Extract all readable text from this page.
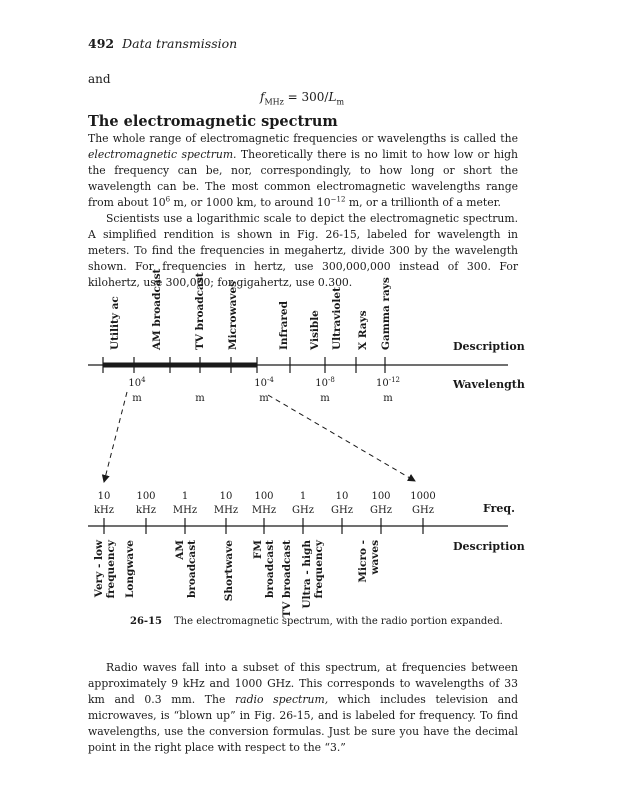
492 Data transmission
and
$f_{MHz} = 300/L_m$
The electromagnetic spectrum

The whole range of electromagnetic frequencies or wavelengths is called the electromagnetic spectrum. Theoretically there is no limit to how low or high the frequency can be, nor, correspondingly, to how long or short the wavelength can be. The most common electromagnetic wavelengths range from about $10^6$ m, or 1000 km, to around $10^{-12}$ m, or a trillionth of a meter.

Scientists use a logarithmic scale to depict the electromagnetic spectrum. A simplified rendition is shown in Fig. 26-15, labeled for wavelength in meters. To find the frequencies in megahertz, divide 300 by the wavelength shown. For frequencies in hertz, use 300,000,000 instead of 300. For kilohertz, use 300,000; for gigahertz, use 0.300.

Utility ac	AM broadcast	TV broadcast Microwaves	Infrared Visible Ultraviolet X Rays Gamma rays	Description
$10^4$
m	m
$10^{-4}$
m
$10^{-8}$
m
$10^{-12}$
m
Wavelength
10
kHz
100
kHz
1
MHz
10
MHz
100
MHz
1
GHz
10
GHz
100
GHz
1000
GHz	Freq.
Description
Very - low frequency Longwave	AM broadcast Shortwave FM broadcast TV broadcast Ultra - high frequency	Micro - waves
26-15 The electromagnetic spectrum, with the radio portion expanded.

Radio waves fall into a subset of this spectrum, at frequencies between approximately 9 kHz and 1000 GHz. This corresponds to wavelengths of 33 km and 0.3 mm. The radio spectrum, which includes television and microwaves, is “blown up” in Fig. 26-15, and is labeled for frequency. To find wavelengths, use the conversion formulas. Just be sure you have the decimal point in the right place with respect to the “3.”
